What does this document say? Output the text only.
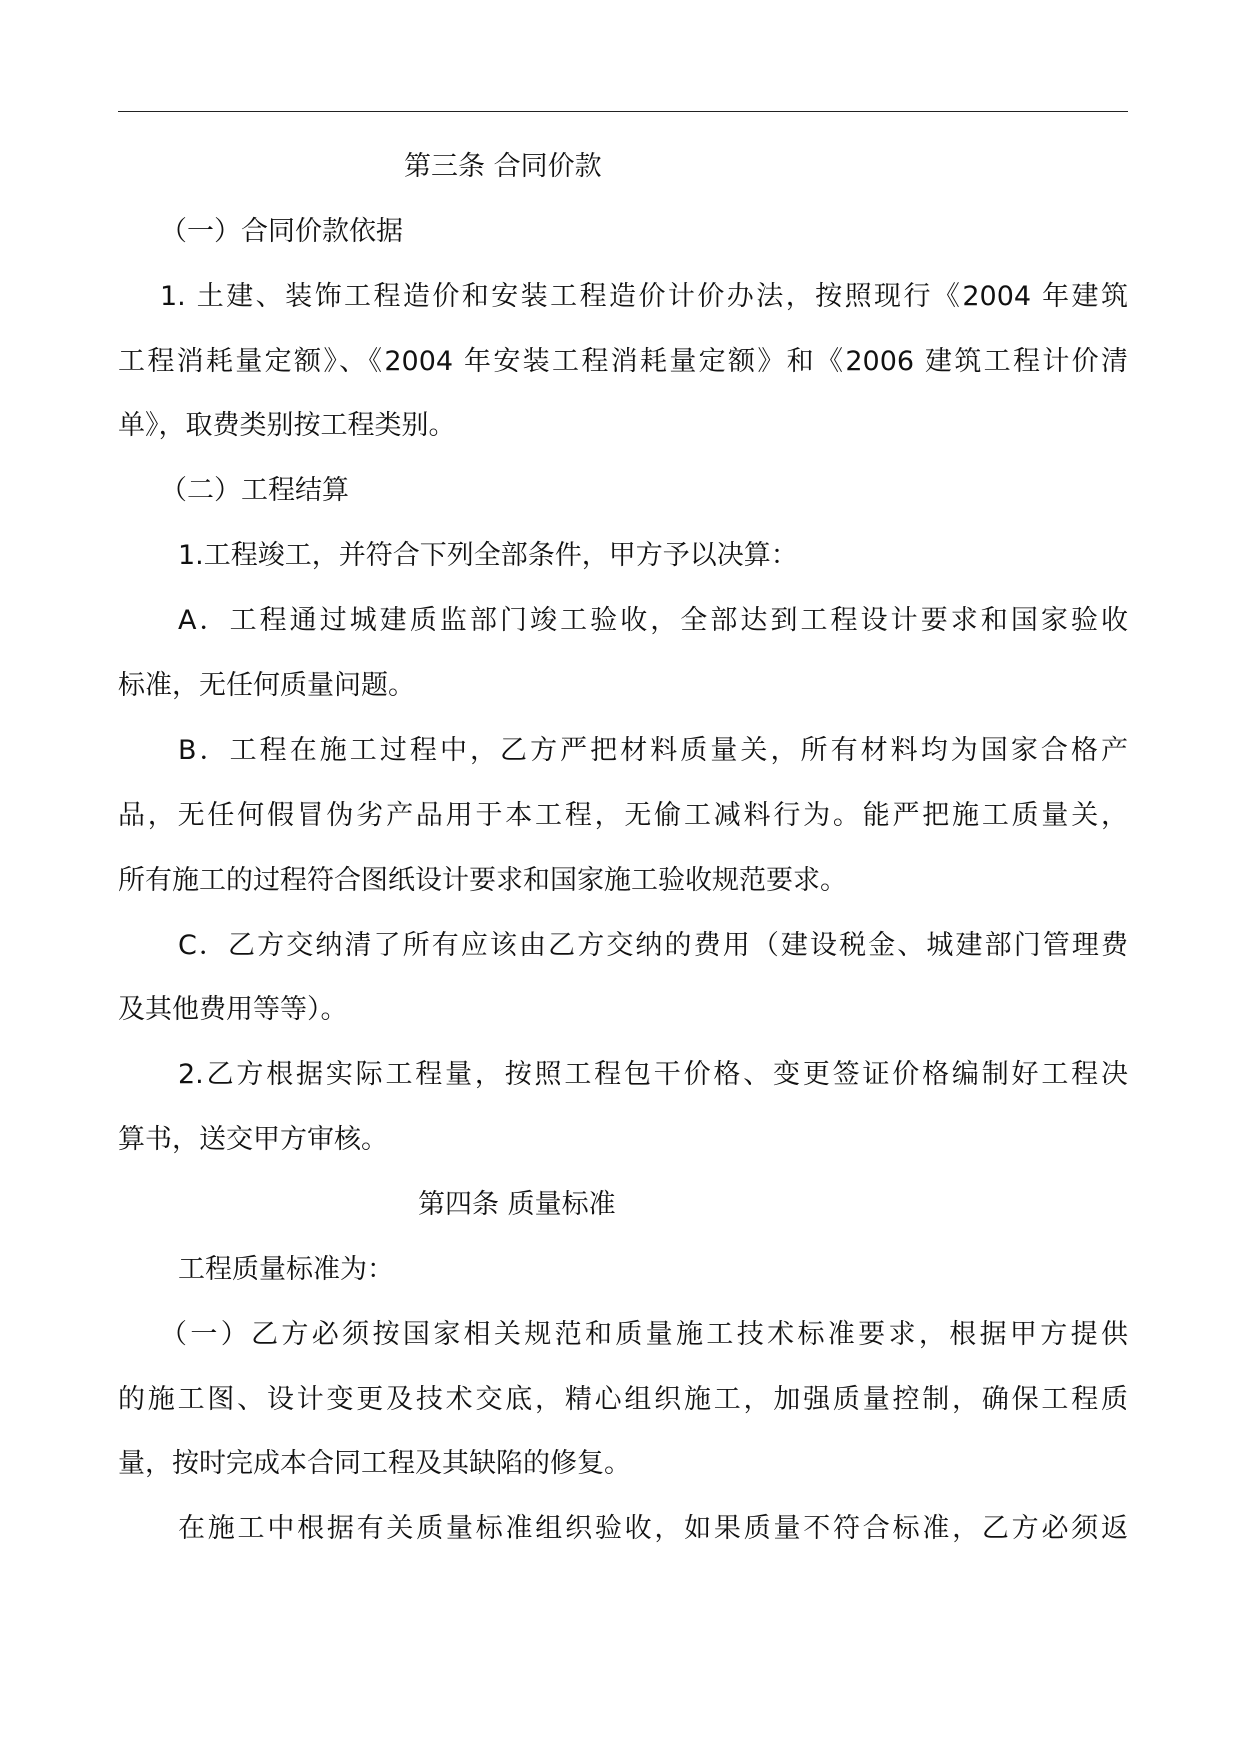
第三条 合同价款
（一）合同价款依据
1. 土建、装饰工程造价和安装工程造价计价办法，按照现行《2004 年建筑
工程消耗量定额》、《2004 年安装工程消耗量定额》和《2006 建筑工程计价清
单》，取费类别按工程类别。
（二）工程结算
1.工程竣工，并符合下列全部条件，甲方予以决算：
A．工程通过城建质监部门竣工验收，全部达到工程设计要求和国家验收
标准，无任何质量问题。
B．工程在施工过程中，乙方严把材料质量关，所有材料均为国家合格产
品，无任何假冒伪劣产品用于本工程，无偷工减料行为。能严把施工质量关，
所有施工的过程符合图纸设计要求和国家施工验收规范要求。
C．乙方交纳清了所有应该由乙方交纳的费用（建设税金、城建部门管理费
及其他费用等等）。
2.乙方根据实际工程量，按照工程包干价格、变更签证价格编制好工程决
算书，送交甲方审核。
第四条 质量标准
工程质量标准为：
（一）乙方必须按国家相关规范和质量施工技术标准要求，根据甲方提供
的施工图、设计变更及技术交底，精心组织施工，加强质量控制，确保工程质
量，按时完成本合同工程及其缺陷的修复。
在施工中根据有关质量标准组织验收，如果质量不符合标准，乙方必须返
